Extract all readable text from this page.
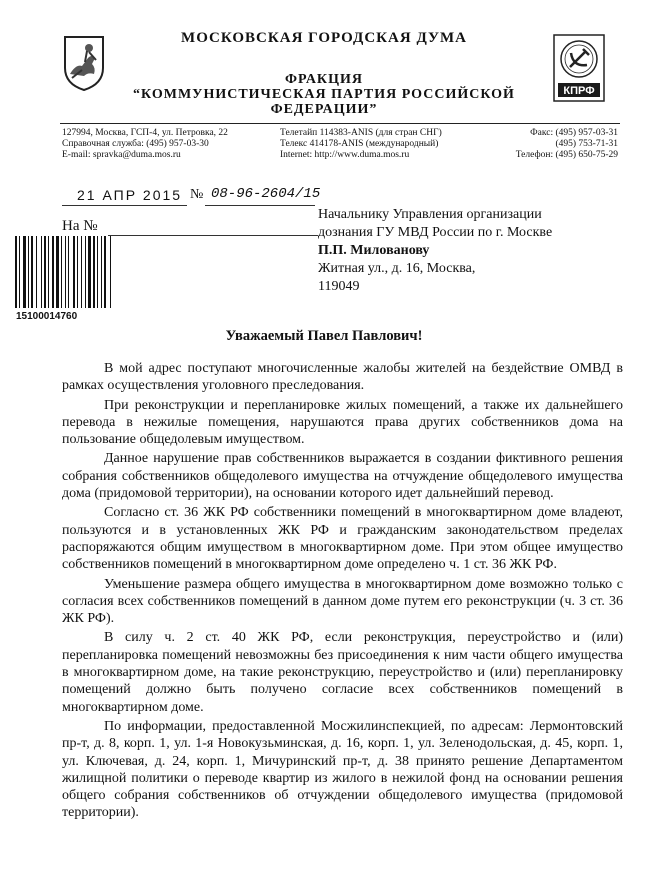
МОСКОВСКАЯ ГОРОДСКАЯ ДУМА
ФРАКЦИЯ
“КОММУНИСТИЧЕСКАЯ ПАРТИЯ РОССИЙСКОЙ
ФЕДЕРАЦИИ”
КПРФ
127994, Москва, ГСП-4, ул. Петровка, 22
Справочная служба: (495) 957-03-30
E-mail: spravka@duma.mos.ru
Телетайп 114383-ANIS (для стран СНГ)
Телекс 414178-ANIS (международный)
Internet: http://www.duma.mos.ru
Факс: (495) 957-03-31
(495) 753-71-31
Телефон: (495) 650-75-29
21 АПР 2015 № 08-96-2604/15
На №
Начальнику Управления организации
дознания ГУ МВД России по г. Москве
П.П. Милованову
Житная ул., д. 16, Москва,
119049
15100014760
Уважаемый Павел Павлович!

В мой адрес поступают многочисленные жалобы жителей на бездействие ОМВД в рамках осуществления уголовного преследования.

При реконструкции и перепланировке жилых помещений, а также их дальнейшего перевода в нежилые помещения, нарушаются права других собственников дома на пользование общедолевым имуществом.

Данное нарушение прав собственников выражается в создании фиктивного решения собрания собственников общедолевого имущества на отчуждение общедолевого имущества дома (придомовой территории), на основании которого идет дальнейший перевод.

Согласно ст. 36 ЖК РФ собственники помещений в многоквартирном доме владеют, пользуются и в установленных ЖК РФ и гражданским законодательством пределах распоряжаются общим имуществом в многоквартирном доме. При этом общее имущество собственников помещений в многоквартирном доме определено ч. 1 ст. 36 ЖК РФ.

Уменьшение размера общего имущества в многоквартирном доме возможно только с согласия всех собственников помещений в данном доме путем его реконструкции (ч. 3 ст. 36 ЖК РФ).

В силу ч. 2 ст. 40 ЖК РФ, если реконструкция, переустройство и (или) перепланировка помещений невозможны без присоединения к ним части общего имущества в многоквартирном доме, на такие реконструкцию, переустройство и (или) перепланировку помещений должно быть получено согласие всех собственников помещений в многоквартирном доме.

По информации, предоставленной Мосжилинспекцией, по адресам: Лермонтовский пр-т, д. 8, корп. 1, ул. 1-я Новокузьминская, д. 16, корп. 1, ул. Зеленодольская, д. 45, корп. 1, ул. Ключевая, д. 24, корп. 1, Мичуринский пр-т, д. 38 принято решение Департаментом жилищной политики о переводе квартир из жилого в нежилой фонд на основании решения общего собрания собственников об отчуждении общедолевого имущества (придомовой территории).
